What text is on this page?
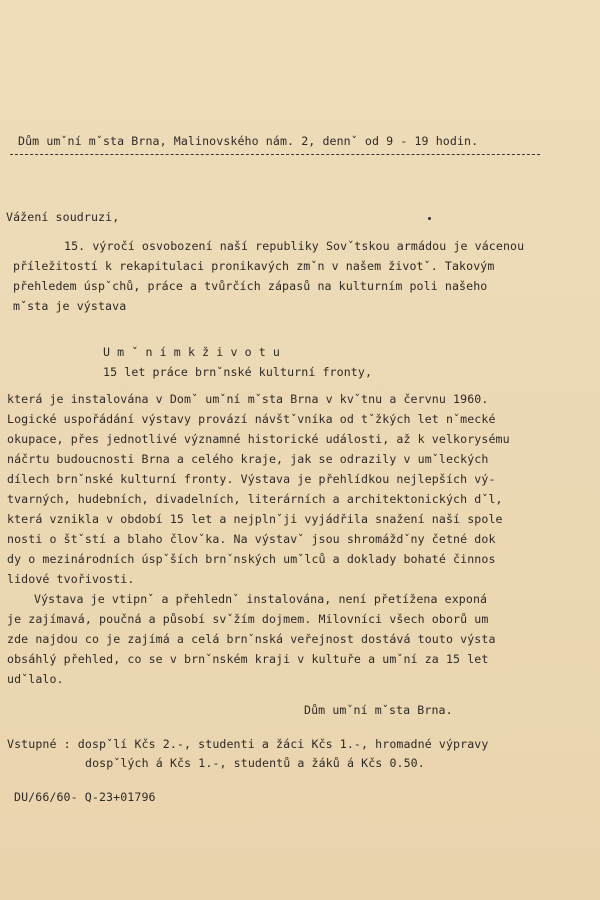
Dům umˇní mˇsta Brna, Malinovského nám. 2, dennˇ od 9 - 19 hodin.
Vážení soudruzi,
15. výročí osvobození naší republiky Sovˇtskou armádou je vácenou
příležitostí k rekapitulaci pronikavých zmˇn v našem životˇ. Takovým
přehledem úspˇchů, práce a tvůrčích zápasů na kulturním poli našeho
mˇsta je výstava
U m ˇ n í m k ž i v o t u
15 let práce brnˇnské kulturní fronty,
která je instalována v Domˇ umˇní mˇsta Brna v kvˇtnu a červnu 1960.
Logické uspořádání výstavy provází návštˇvníka od tˇžkých let nˇmecké
okupace, přes jednotlivé významné historické události, až k velkorysému
náčrtu budoucnosti Brna a celého kraje, jak se odrazily v umˇleckých
dílech brnˇnské kulturní fronty. Výstava je přehlídkou nejlepších vý-
tvarných, hudebních, divadelních, literárních a architektonických dˇl,
která vznikla v období 15 let a nejplnˇji vyjádřila snažení naší spole
nosti o štˇstí a blaho človˇka. Na výstavˇ jsou shromáždˇny četné dok
dy o mezinárodních úspˇších brnˇnských umˇlců a doklady bohaté činnos
lidové tvořivosti.
Výstava je vtipnˇ a přehlednˇ instalována, není přetížena exponá
je zajímavá, poučná a působí svˇžím dojmem. Milovníci všech oborů um
zde najdou co je zajímá a celá brnˇnská veřejnost dostává touto výsta
obsáhlý přehled, co se v brnˇnském kraji v kultuře a umˇní za 15 let
udˇlalo.
Dům umˇní mˇsta Brna.
Vstupné : dospˇlí Kčs 2.-, studenti a žáci Kčs 1.-, hromadné výpravy
dospˇlých á Kčs 1.-, studentů a žáků á Kčs 0.50.
DU/66/60- Q-23+01796
